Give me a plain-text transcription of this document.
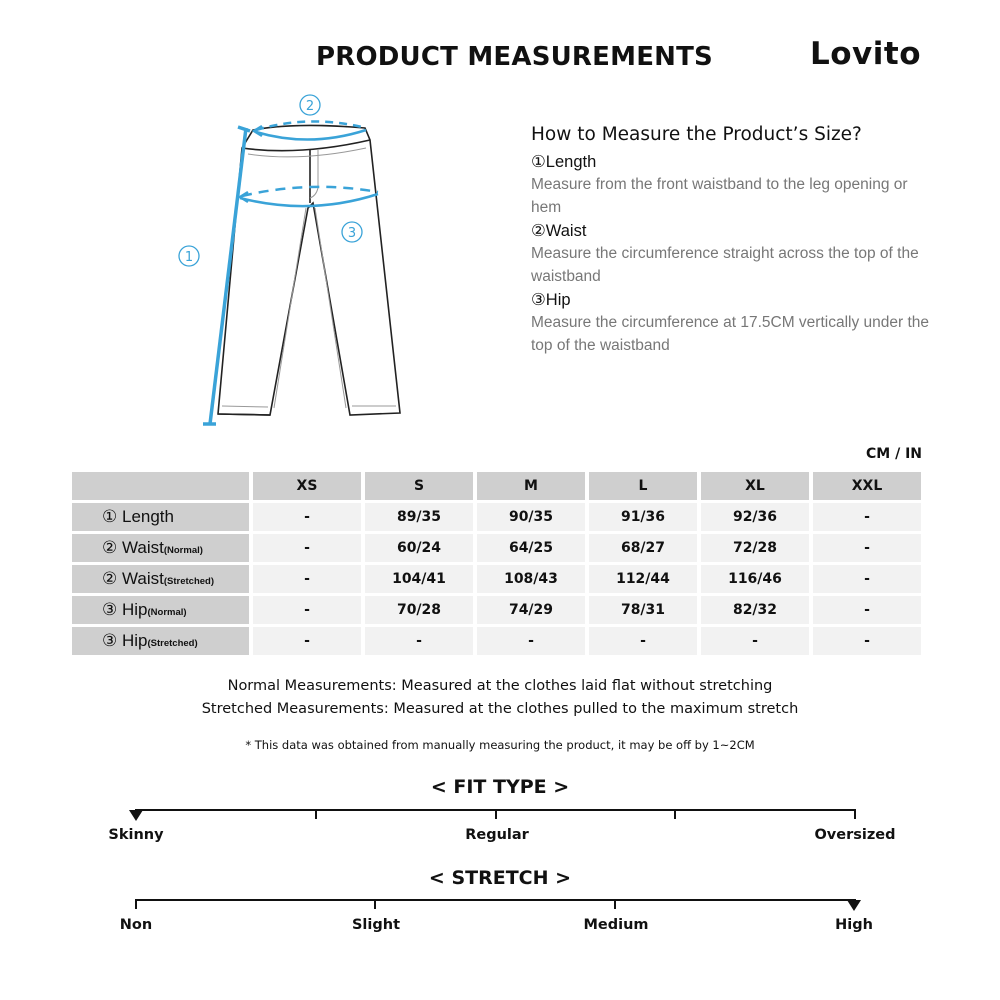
PRODUCT MEASUREMENTS	Lovito
2
3
1
How to Measure the Product’s Size?
①Length
Measure from the front waistband to the leg opening or hem
②Waist
Measure the circumference straight across the top of the waistband
③Hip
Measure the circumference at 17.5CM vertically under the top of the waistband
CM / IN
	XS	S	M	L	XL	XXL
① Length	-	89/35	90/35	91/36	92/36	-
② Waist(Normal)	-	60/24	64/25	68/27	72/28	-
② Waist(Stretched)	-	104/41	108/43	112/44	116/46	-
③ Hip(Normal)	-	70/28	74/29	78/31	82/32	-
③ Hip(Stretched)	-	-	-	-	-	-
Normal Measurements: Measured at the clothes laid flat without stretching
Stretched Measurements: Measured at the clothes pulled to the maximum stretch
* This data was obtained from manually measuring the product, it may be off by 1~2CM
< FIT TYPE >
Skinny	Regular	Oversized
< STRETCH >
Non	Slight	Medium	High
